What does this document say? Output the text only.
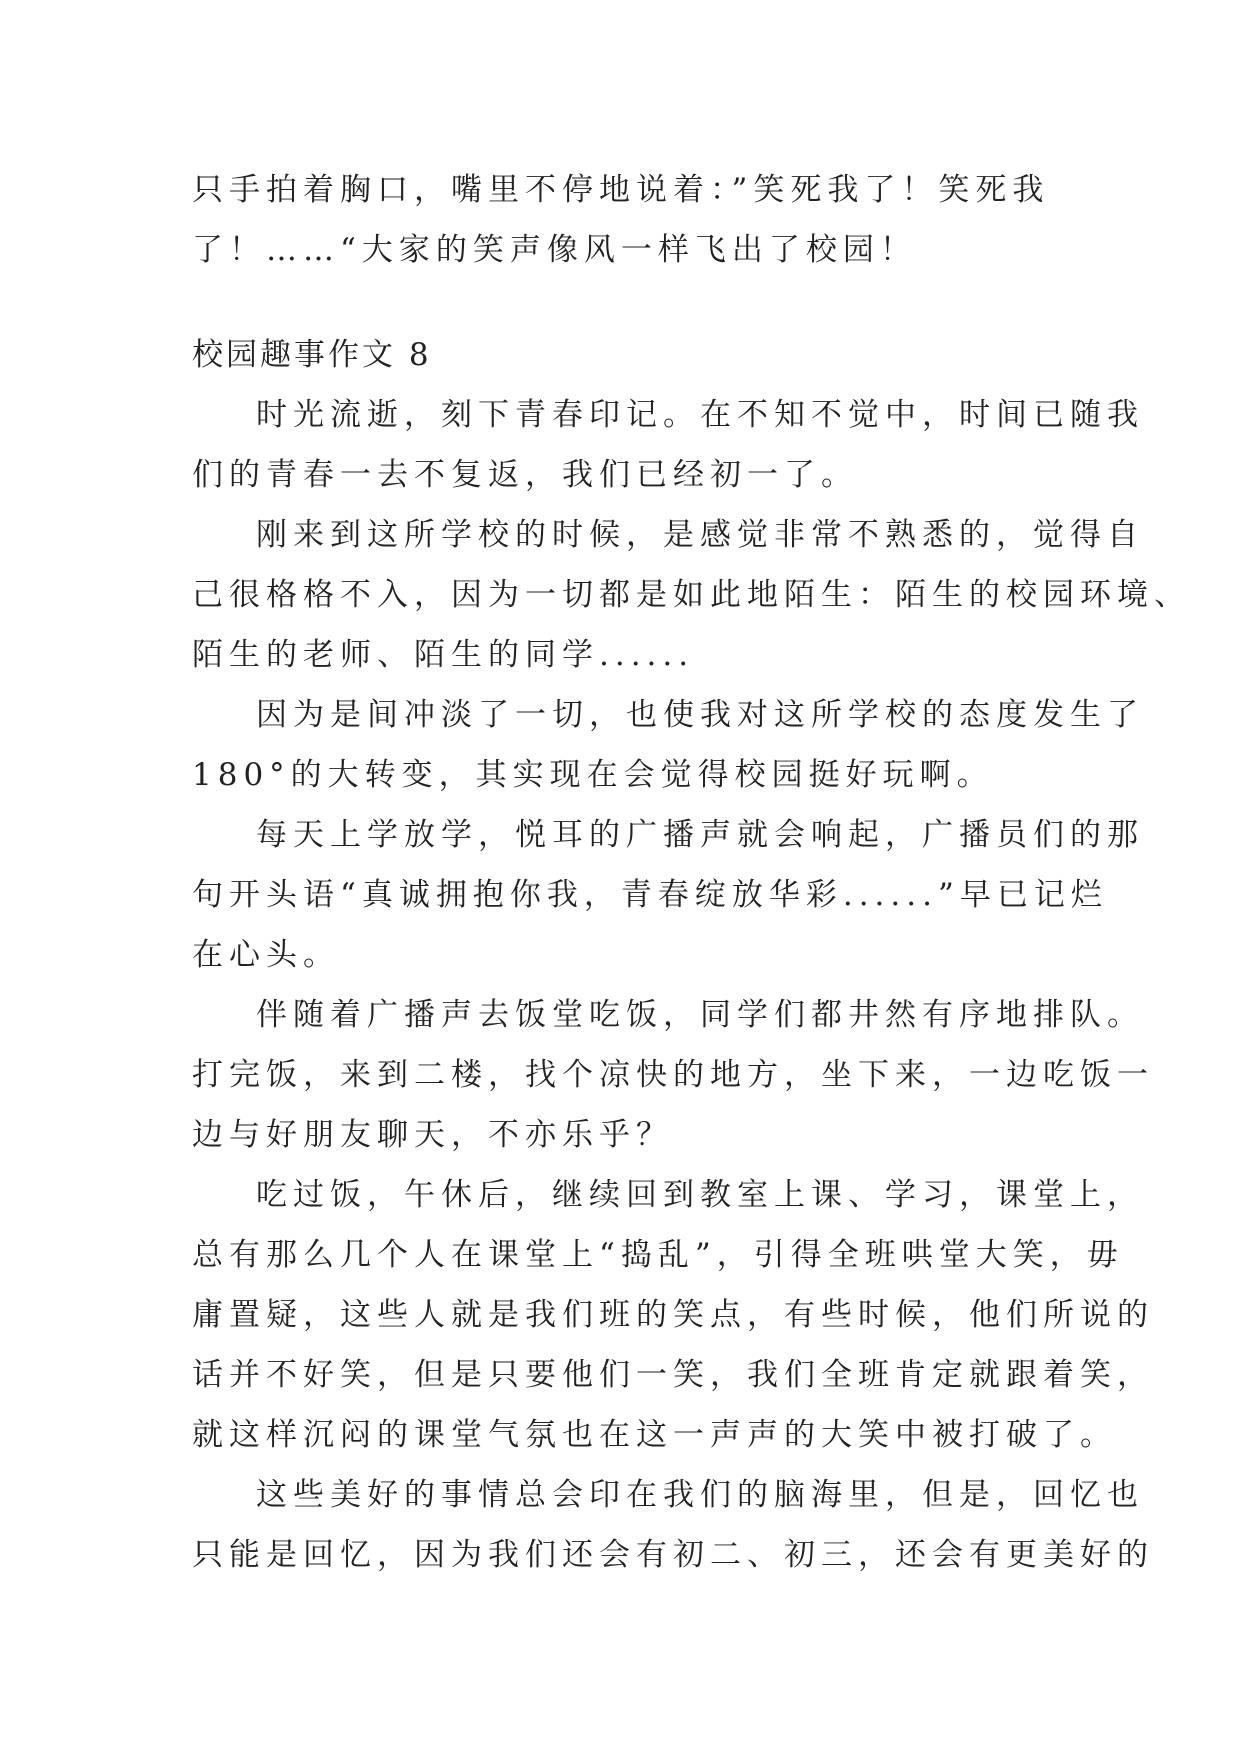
只手拍着胸口，嘴里不停地说着：”笑死我了！笑死我
了！……“大家的笑声像风一样飞出了校园！
校园趣事作文 8
时光流逝，刻下青春印记。在不知不觉中，时间已随我
们的青春一去不复返，我们已经初一了。
刚来到这所学校的时候，是感觉非常不熟悉的，觉得自
己很格格不入，因为一切都是如此地陌生：陌生的校园环境、
陌生的老师、陌生的同学......
因为是间冲淡了一切，也使我对这所学校的态度发生了
180°的大转变，其实现在会觉得校园挺好玩啊。
每天上学放学，悦耳的广播声就会响起，广播员们的那
句开头语“真诚拥抱你我，青春绽放华彩......”早已记烂
在心头。
伴随着广播声去饭堂吃饭，同学们都井然有序地排队。
打完饭，来到二楼，找个凉快的地方，坐下来，一边吃饭一
边与好朋友聊天，不亦乐乎？
吃过饭，午休后，继续回到教室上课、学习，课堂上，
总有那么几个人在课堂上“捣乱”，引得全班哄堂大笑，毋
庸置疑，这些人就是我们班的笑点，有些时候，他们所说的
话并不好笑，但是只要他们一笑，我们全班肯定就跟着笑，
就这样沉闷的课堂气氛也在这一声声的大笑中被打破了。
这些美好的事情总会印在我们的脑海里，但是，回忆也
只能是回忆，因为我们还会有初二、初三，还会有更美好的
